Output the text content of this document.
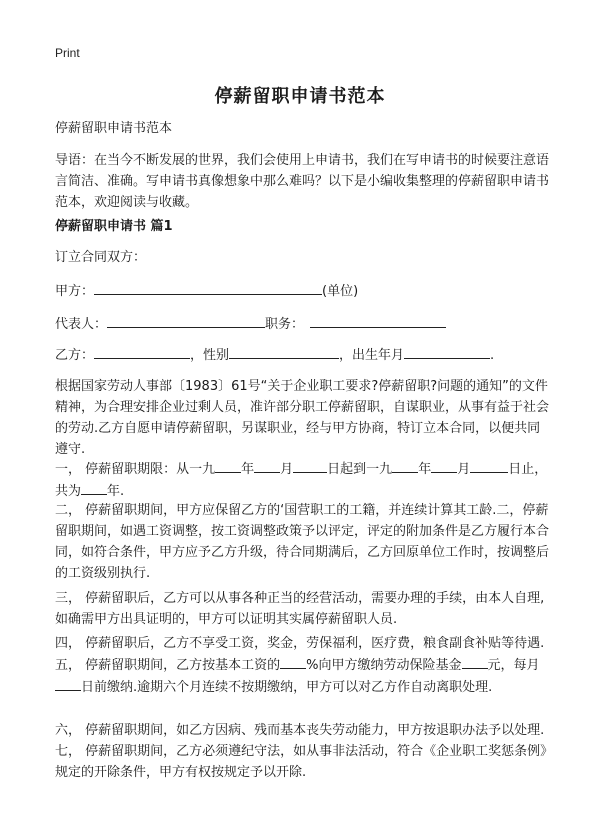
Print
停薪留职申请书范本
停薪留职申请书范本
导语：在当今不断发展的世界，我们会使用上申请书，我们在写申请书的时候要注意语言简洁、准确。写申请书真像想象中那么难吗？以下是小编收集整理的停薪留职申请书范本，欢迎阅读与收藏。
停薪留职申请书 篇1
订立合同双方：
甲方：	(单位)
代表人：	职务：
乙方：	，性别	，出生年月	.
根据国家劳动人事部〔1983〕61号“关于企业职工要求?停薪留职?问题的通知”的文件精神，为合理安排企业过剩人员，准许部分职工停薪留职，自谋职业，从事有益于社会的劳动.乙方自愿申请停薪留职，另谋职业，经与甲方协商，特订立本合同，以便共同遵守.
一， 停薪留职期限：从一九 年 月	日起到一九 年 月	日止，共为 年.
二， 停薪留职期间，甲方应保留乙方的‘国营职工的工籍，并连续计算其工龄.二，停薪留职期间，如遇工资调整，按工资调整政策予以评定，评定的附加条件是乙方履行本合同，如符合条件，甲方应予乙方升级，待合同期满后，乙方回原单位工作时，按调整后的工资级别执行.
三， 停薪留职后，乙方可以从事各种正当的经营活动，需要办理的手续，由本人自理,如确需甲方出具证明的，甲方可以证明其实属停薪留职人员.
四， 停薪留职后，乙方不享受工资，奖金，劳保福利，医疗费，粮食副食补贴等待遇.五， 停薪留职期间，乙方按基本工资的 %向甲方缴纳劳动保险基金 元，每月日前缴纳.逾期六个月连续不按期缴纳，甲方可以对乙方作自动离职处理.
六， 停薪留职期间，如乙方因病、残而基本丧失劳动能力，甲方按退职办法予以处理.七， 停薪留职期间，乙方必须遵纪守法，如从事非法活动，符合《企业职工奖惩条例》规定的开除条件，甲方有权按规定予以开除.
